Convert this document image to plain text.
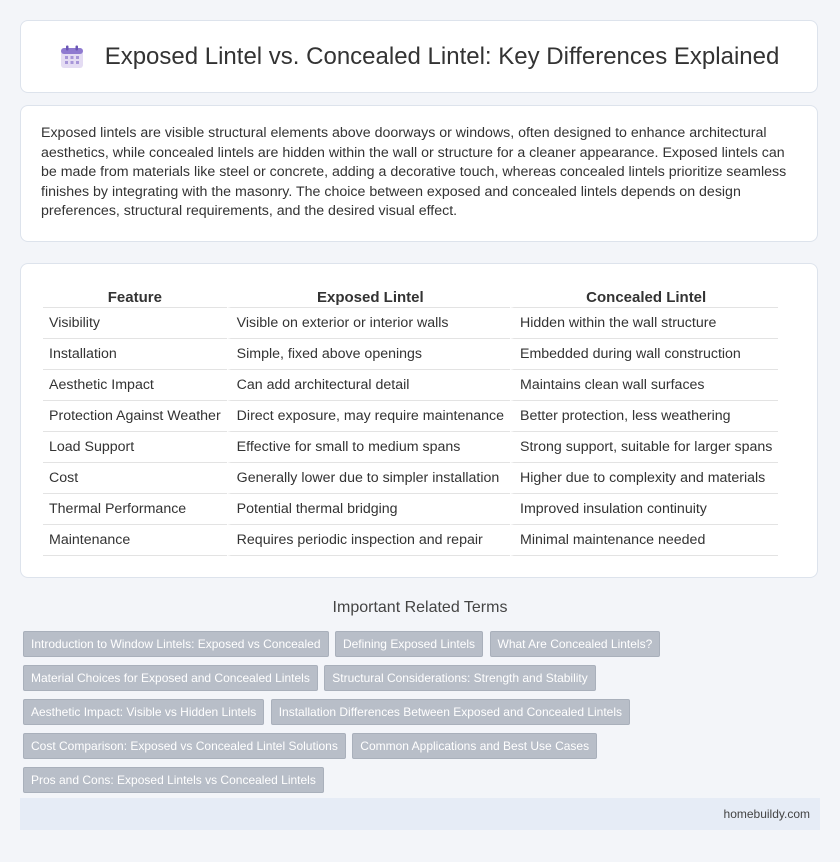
Exposed Lintel vs. Concealed Lintel: Key Differences Explained

Exposed lintels are visible structural elements above doorways or windows, often designed to enhance architectural aesthetics, while concealed lintels are hidden within the wall or structure for a cleaner appearance. Exposed lintels can be made from materials like steel or concrete, adding a decorative touch, whereas concealed lintels prioritize seamless finishes by integrating with the masonry. The choice between exposed and concealed lintels depends on design preferences, structural requirements, and the desired visual effect.

Feature	Exposed Lintel	Concealed Lintel
Visibility	Visible on exterior or interior walls	Hidden within the wall structure
Installation	Simple, fixed above openings	Embedded during wall construction
Aesthetic Impact	Can add architectural detail	Maintains clean wall surfaces
Protection Against Weather	Direct exposure, may require maintenance	Better protection, less weathering
Load Support	Effective for small to medium spans	Strong support, suitable for larger spans
Cost	Generally lower due to simpler installation	Higher due to complexity and materials
Thermal Performance	Potential thermal bridging	Improved insulation continuity
Maintenance	Requires periodic inspection and repair	Minimal maintenance needed
Important Related Terms
Introduction to Window Lintels: Exposed vs Concealed Defining Exposed Lintels What Are Concealed Lintels?
Material Choices for Exposed and Concealed Lintels Structural Considerations: Strength and Stability
Aesthetic Impact: Visible vs Hidden Lintels Installation Differences Between Exposed and Concealed Lintels
Cost Comparison: Exposed vs Concealed Lintel Solutions Common Applications and Best Use Cases
Pros and Cons: Exposed Lintels vs Concealed Lintels
homebuildy.com
